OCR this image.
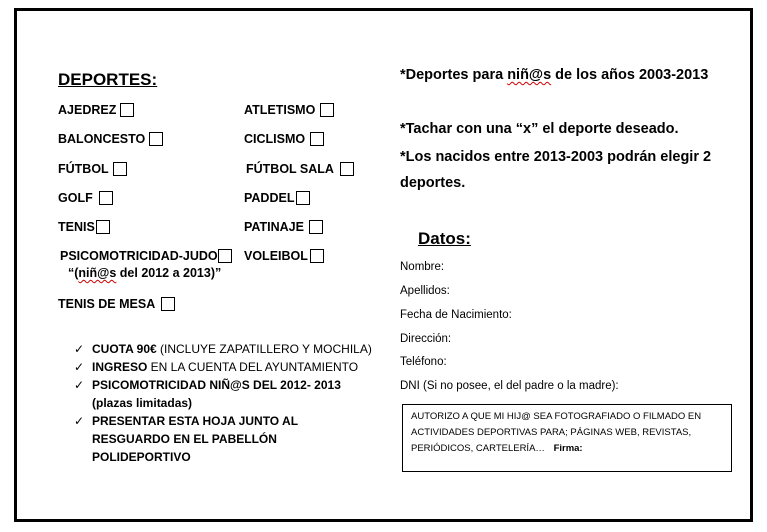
DEPORTES:
AJEDREZ
BALONCESTO
FÚTBOL
GOLF
TENIS
PSICOMOTRICIDAD-JUDO
“(niñ@s del 2012 a 2013)”
TENIS DE MESA
ATLETISMO
CICLISMO
FÚTBOL SALA
PADDEL
PATINAJE
VOLEIBOL
✓ CUOTA 90€ (INCLUYE ZAPATILLERO Y MOCHILA)
✓ INGRESO EN LA CUENTA DEL AYUNTAMIENTO
✓ PSICOMOTRICIDAD NIÑ@S DEL 2012- 2013 (plazas limitadas)
✓ PRESENTAR ESTA HOJA JUNTO AL RESGUARDO EN EL PABELLÓN POLIDEPORTIVO
*Deportes para niñ@s de los años 2003-2013
*Tachar con una “x” el deporte deseado.
*Los nacidos entre 2013-2003 podrán elegir 2 deportes.
Datos:
Nombre:
Apellidos:
Fecha de Nacimiento:
Dirección:
Teléfono:
DNI (Si no posee, el del padre o la madre):
AUTORIZO A QUE MI HIJ@ SEA FOTOGRAFIADO O FILMADO EN ACTIVIDADES DEPORTIVAS PARA; PÁGINAS WEB, REVISTAS, PERIÓDICOS, CARTELERÍA… Firma:
